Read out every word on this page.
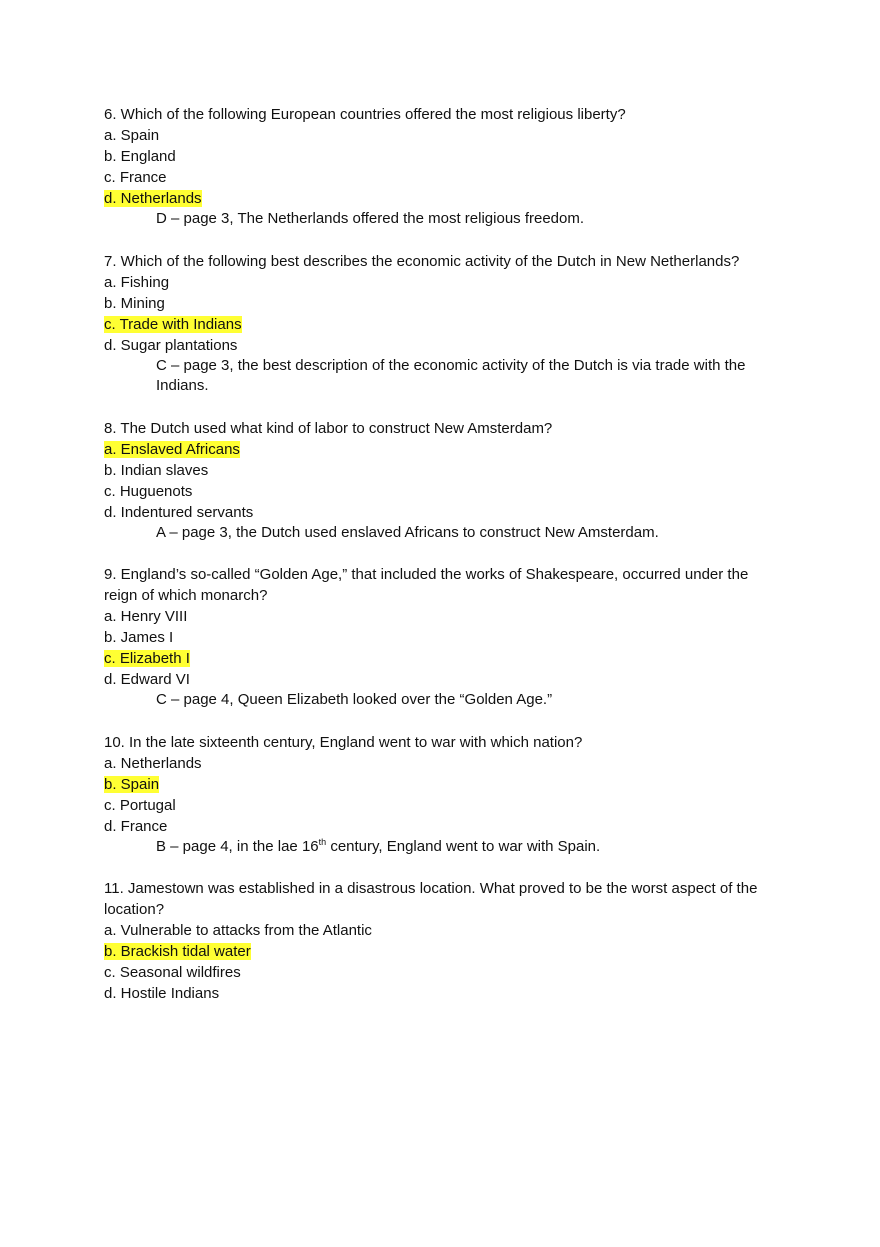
6. Which of the following European countries offered the most religious liberty?
a. Spain
b. England
c. France
d. Netherlands
D – page 3, The Netherlands offered the most religious freedom.
7. Which of the following best describes the economic activity of the Dutch in New Netherlands?
a. Fishing
b. Mining
c. Trade with Indians
d. Sugar plantations
C – page 3, the best description of the economic activity of the Dutch is via trade with the Indians.
8. The Dutch used what kind of labor to construct New Amsterdam?
a. Enslaved Africans
b. Indian slaves
c. Huguenots
d. Indentured servants
A – page 3, the Dutch used enslaved Africans to construct New Amsterdam.
9. England’s so-called “Golden Age,” that included the works of Shakespeare, occurred under the reign of which monarch?
a. Henry VIII
b. James I
c. Elizabeth I
d. Edward VI
C – page 4, Queen Elizabeth looked over the “Golden Age.”
10. In the late sixteenth century, England went to war with which nation?
a. Netherlands
b. Spain
c. Portugal
d. France
B – page 4, in the lae 16th century, England went to war with Spain.
11. Jamestown was established in a disastrous location. What proved to be the worst aspect of the location?
a. Vulnerable to attacks from the Atlantic
b. Brackish tidal water
c. Seasonal wildfires
d. Hostile Indians
